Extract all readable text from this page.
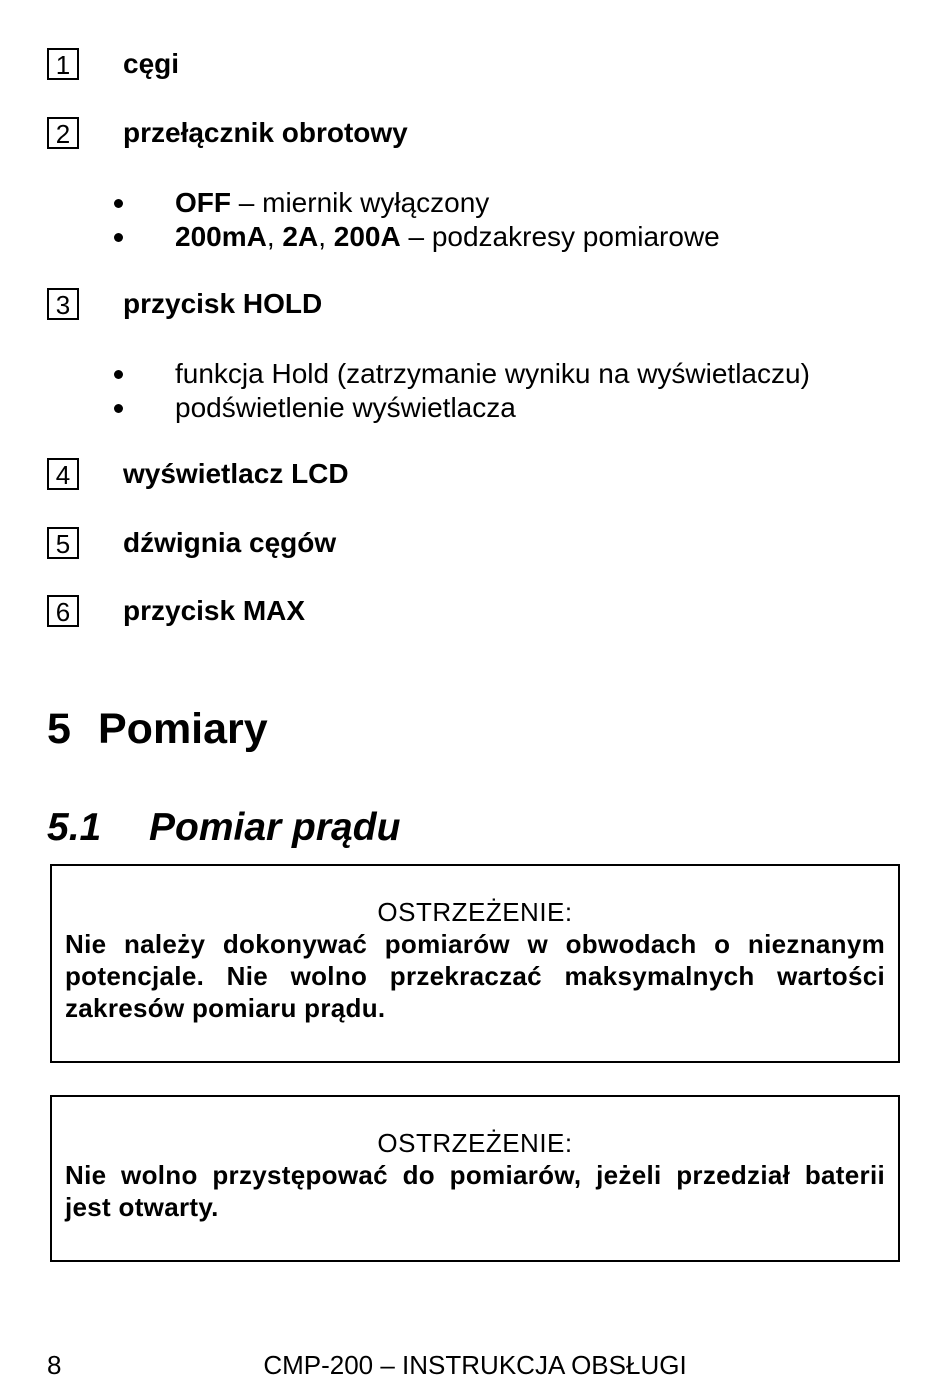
1	cęgi
2	przełącznik obrotowy
OFF – miernik wyłączony
200mA, 2A, 200A – podzakresy pomiarowe
3	przycisk HOLD
funkcja Hold (zatrzymanie wyniku na wyświetlaczu)
podświetlenie wyświetlacza
4	wyświetlacz LCD
5	dźwignia cęgów
6	przycisk MAX
5 Pomiary
5.1 Pomiar prądu
OSTRZEŻENIE:
Nie należy dokonywać pomiarów w obwodach o nieznanym potencjale. Nie wolno przekraczać maksymalnych wartości zakresów pomiaru prądu.
OSTRZEŻENIE:
Nie wolno przystępować do pomiarów, jeżeli przedział baterii jest otwarty.
CMP-200 – INSTRUKCJA OBSŁUGI
8
